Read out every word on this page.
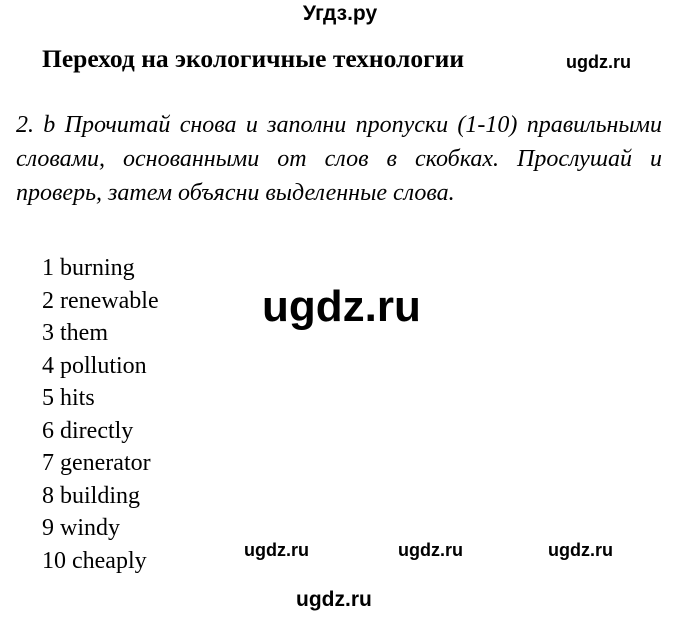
Угдз.ру
Переход на экологичные технологии	ugdz.ru
2. b Прочитай снова и заполни пропуски (1-10) правильными словами, основанными от слов в скобках. Прослушай и проверь, затем объясни выделенные слова.
1 burning
2 renewable
3 them
4 pollution
5 hits
6 directly
7 generator
8 building
9 windy
10 cheaply
ugdz.ru
ugdz.ru	ugdz.ru	ugdz.ru
ugdz.ru
